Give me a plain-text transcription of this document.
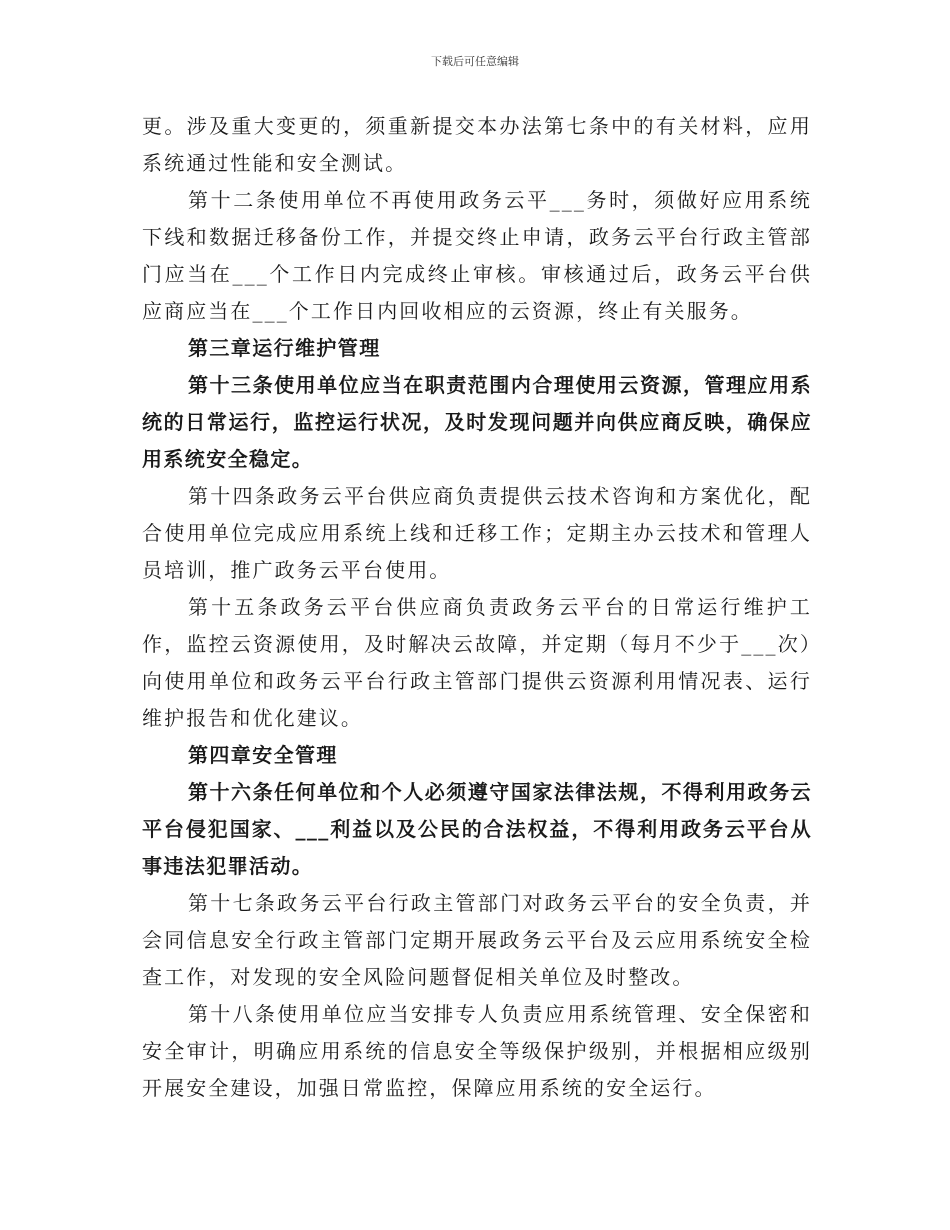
下载后可任意编辑

更。涉及重大变更的，须重新提交本办法第七条中的有关材料，应用系统通过性能和安全测试。

第十二条使用单位不再使用政务云平___务时，须做好应用系统下线和数据迁移备份工作，并提交终止申请，政务云平台行政主管部门应当在___个工作日内完成终止审核。审核通过后，政务云平台供应商应当在___个工作日内回收相应的云资源，终止有关服务。

第三章运行维护管理

第十三条使用单位应当在职责范围内合理使用云资源，管理应用系统的日常运行，监控运行状况，及时发现问题并向供应商反映，确保应用系统安全稳定。

第十四条政务云平台供应商负责提供云技术咨询和方案优化，配合使用单位完成应用系统上线和迁移工作；定期主办云技术和管理人员培训，推广政务云平台使用。

第十五条政务云平台供应商负责政务云平台的日常运行维护工作，监控云资源使用，及时解决云故障，并定期（每月不少于___次）向使用单位和政务云平台行政主管部门提供云资源利用情况表、运行维护报告和优化建议。

第四章安全管理

第十六条任何单位和个人必须遵守国家法律法规，不得利用政务云平台侵犯国家、___利益以及公民的合法权益，不得利用政务云平台从事违法犯罪活动。

第十七条政务云平台行政主管部门对政务云平台的安全负责，并会同信息安全行政主管部门定期开展政务云平台及云应用系统安全检查工作，对发现的安全风险问题督促相关单位及时整改。

第十八条使用单位应当安排专人负责应用系统管理、安全保密和安全审计，明确应用系统的信息安全等级保护级别，并根据相应级别开展安全建设，加强日常监控，保障应用系统的安全运行。
